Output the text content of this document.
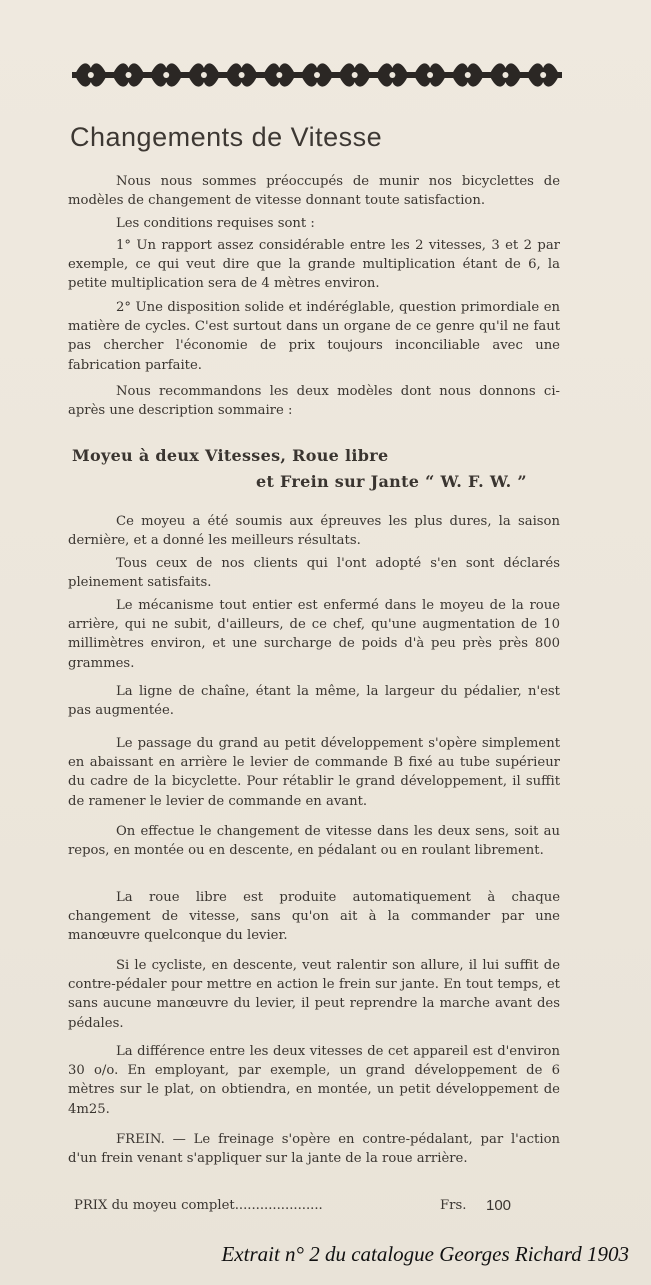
Changements de Vitesse

Nous nous sommes préoccupés de munir nos bicyclettes de modèles de changement de vitesse donnant toute satisfaction.

Les conditions requises sont :

1° Un rapport assez considérable entre les 2 vitesses, 3 et 2 par exemple, ce qui veut dire que la grande multiplication étant de 6, la petite multiplication sera de 4 mètres environ.

2° Une disposition solide et indéréglable, question primordiale en matière de cycles. C'est surtout dans un organe de ce genre qu'il ne faut pas chercher l'économie de prix toujours inconciliable avec une fabrication parfaite.

Nous recommandons les deux modèles dont nous donnons ci-après une description sommaire :

Moyeu à deux Vitesses, Roue libre
et Frein sur Jante “ W. F. W. ”

Ce moyeu a été soumis aux épreuves les plus dures, la saison dernière, et a donné les meilleurs résultats.

Tous ceux de nos clients qui l'ont adopté s'en sont déclarés pleinement satisfaits.

Le mécanisme tout entier est enfermé dans le moyeu de la roue arrière, qui ne subit, d'ailleurs, de ce chef, qu'une augmentation de 10 millimètres environ, et une surcharge de poids d'à peu près près 800 grammes.

La ligne de chaîne, étant la même, la largeur du pédalier, n'est pas augmentée.

Le passage du grand au petit développement s'opère simplement en abaissant en arrière le levier de commande B fixé au tube supérieur du cadre de la bicyclette. Pour rétablir le grand développement, il suffit de ramener le levier de commande en avant.

On effectue le changement de vitesse dans les deux sens, soit au repos, en montée ou en descente, en pédalant ou en roulant librement.

La roue libre est produite automatiquement à chaque changement de vitesse, sans qu'on ait à la commander par une manœuvre quelconque du levier.

Si le cycliste, en descente, veut ralentir son allure, il lui suffit de contre-pédaler pour mettre en action le frein sur jante. En tout temps, et sans aucune manœuvre du levier, il peut reprendre la marche avant des pédales.

La différence entre les deux vitesses de cet appareil est d'environ 30 o/o. En employant, par exemple, un grand développement de 6 mètres sur le plat, on obtiendra, en montée, un petit développement de 4m25.

FREIN. — Le freinage s'opère en contre-pédalant, par l'action d'un frein venant s'appliquer sur la jante de la roue arrière.

PRIX du moyeu complet.....................	Frs. 100
Extrait n° 2 du catalogue Georges Richard 1903
